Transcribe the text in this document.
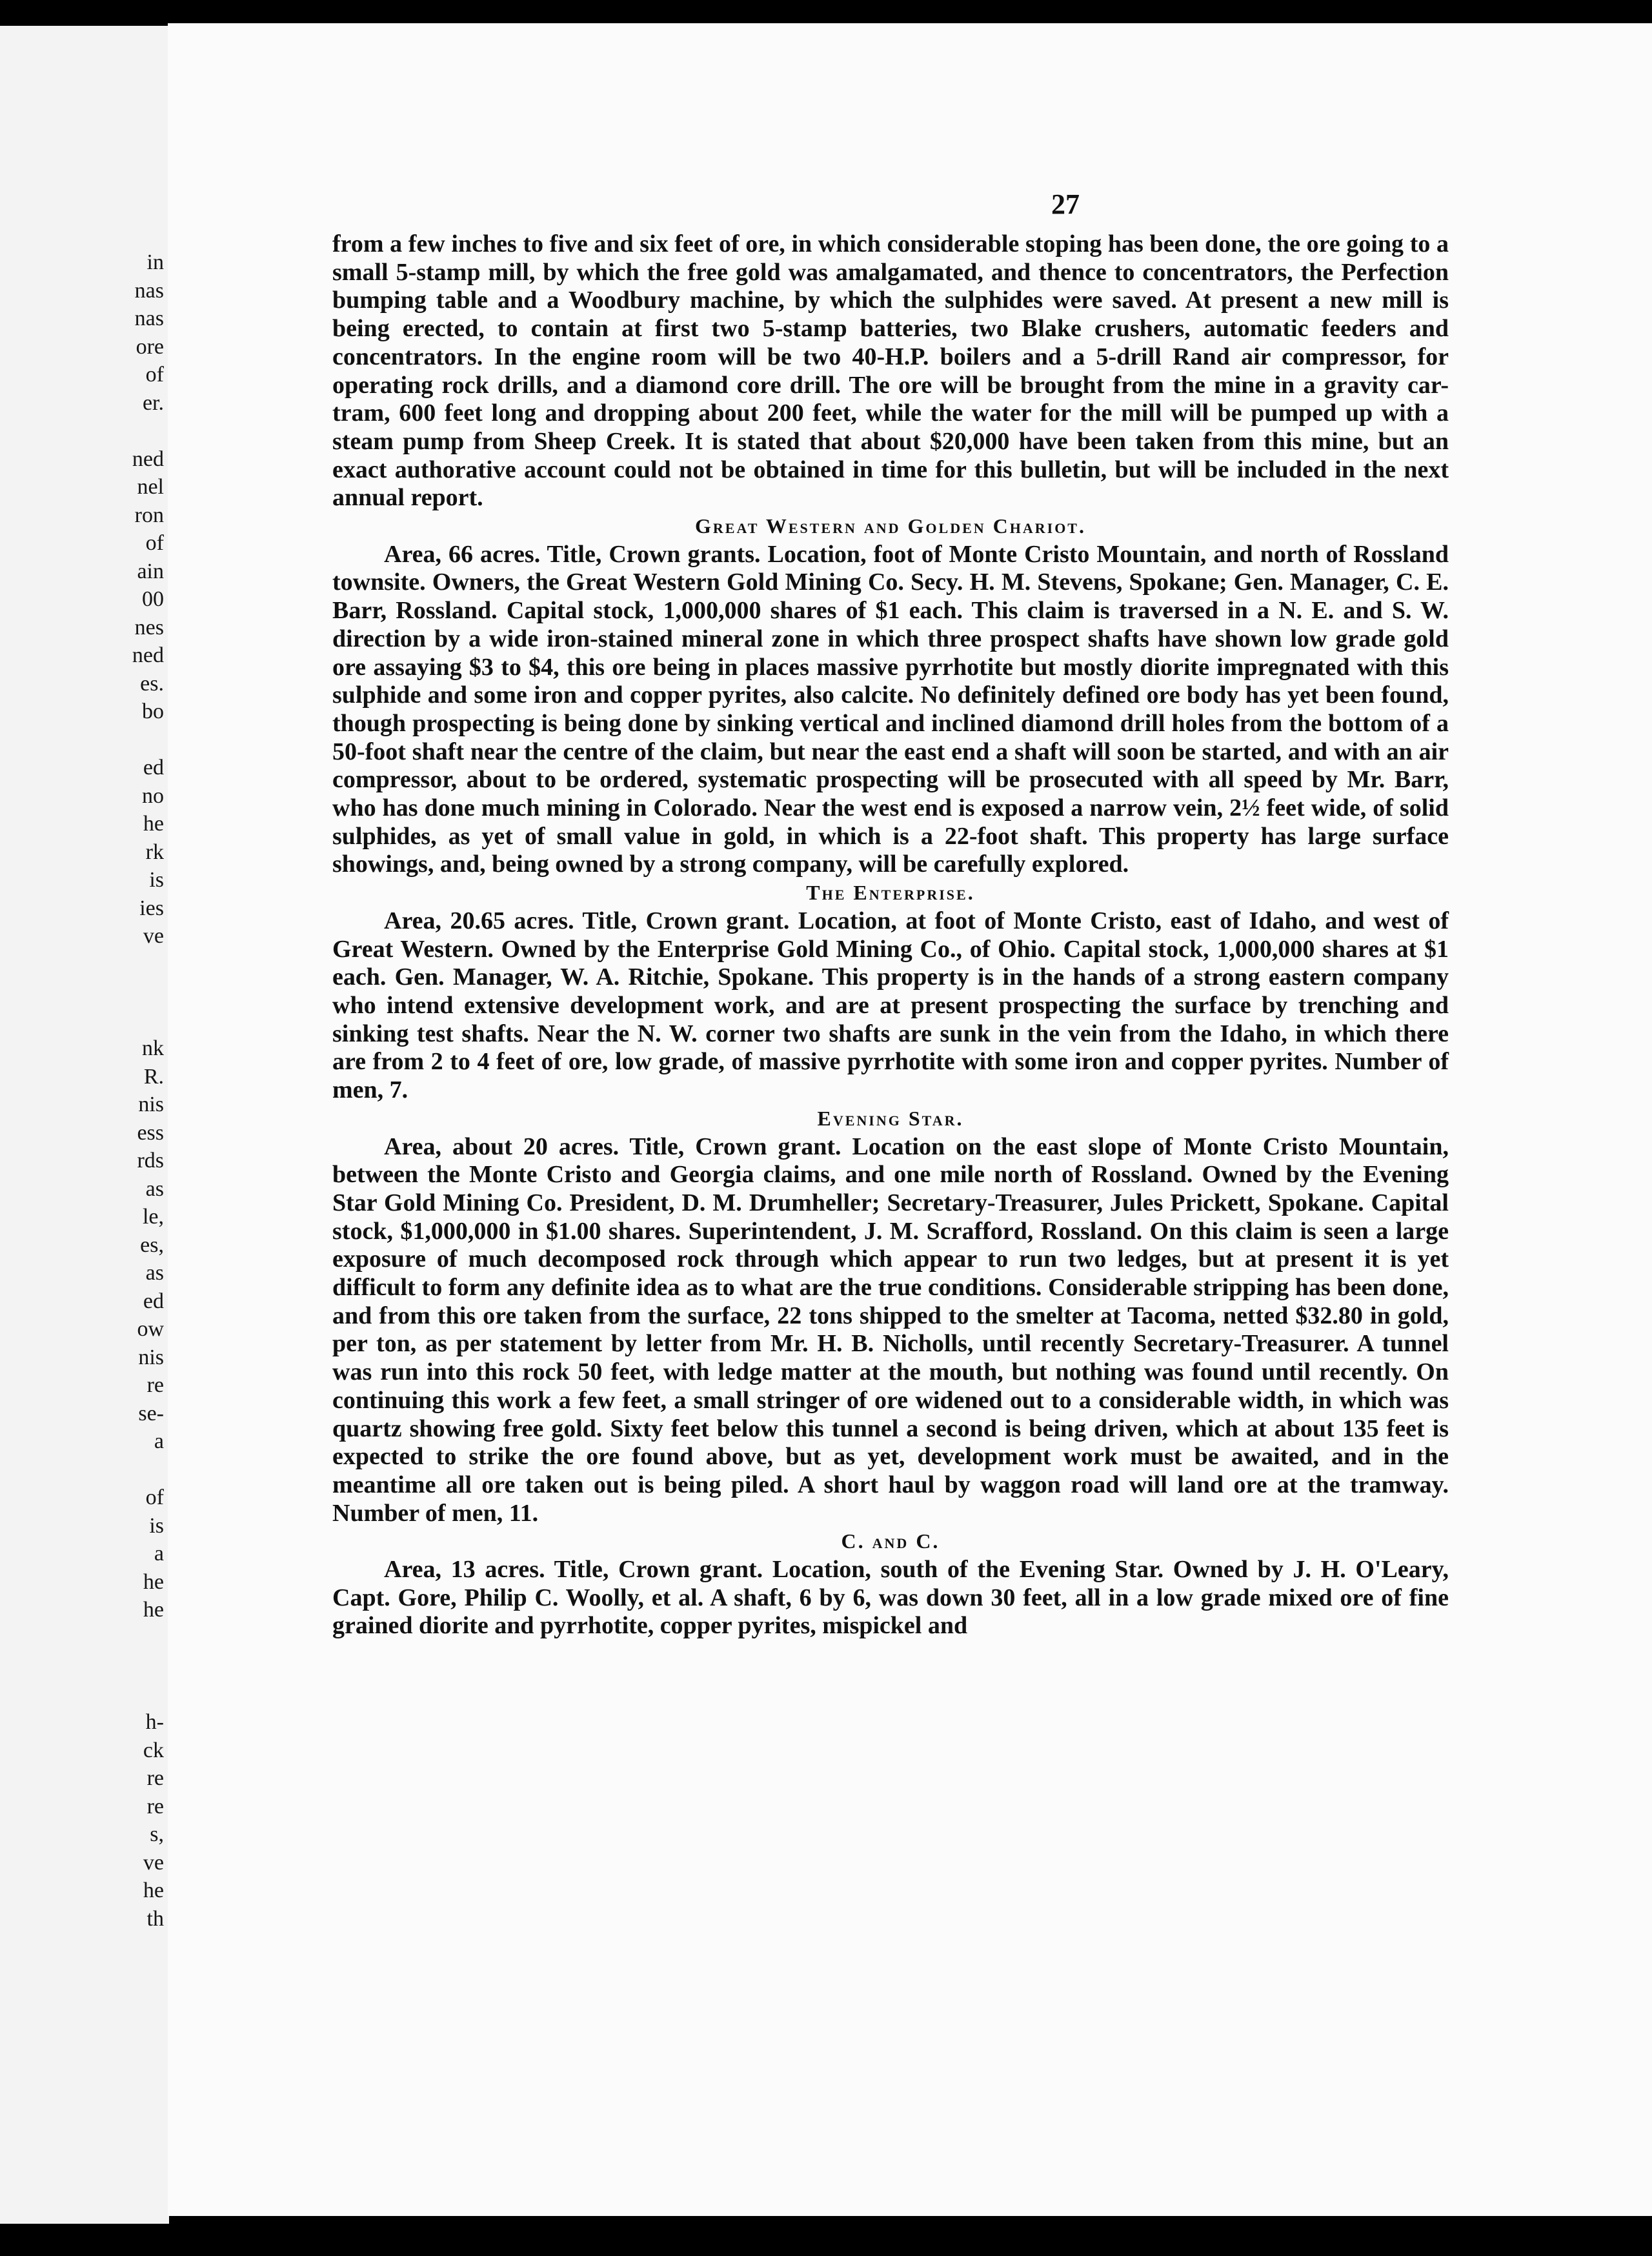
in
nas
nas
ore
of
er.
ned
nel
ron
of
ain
00
nes
ned
es.
bo
ed
no
he
rk
is
ies
ve
nk
R.
nis
ess
rds
as
le,
es,
as
ed
ow
nis
re
se-
a
of
is
a
he
he
h-
ck
re
re
s,
ve
he
th
27

from a few inches to five and six feet of ore, in which considerable stoping has been done, the ore going to a small 5-stamp mill, by which the free gold was amalgamated, and thence to concentrators, the Perfection bumping table and a Woodbury machine, by which the sulphides were saved. At present a new mill is being erected, to contain at first two 5-stamp batteries, two Blake crushers, automatic feeders and concentrators. In the engine room will be two 40-H.P. boilers and a 5-drill Rand air compressor, for operating rock drills, and a diamond core drill. The ore will be brought from the mine in a gravity car-tram, 600 feet long and dropping about 200 feet, while the water for the mill will be pumped up with a steam pump from Sheep Creek. It is stated that about $20,000 have been taken from this mine, but an exact authorative account could not be obtained in time for this bulletin, but will be included in the next annual report.

Great Western and Golden Chariot.

Area, 66 acres. Title, Crown grants. Location, foot of Monte Cristo Mountain, and north of Rossland townsite. Owners, the Great Western Gold Mining Co. Secy. H. M. Stevens, Spokane; Gen. Manager, C. E. Barr, Rossland. Capital stock, 1,000,000 shares of $1 each. This claim is traversed in a N. E. and S. W. direction by a wide iron-stained mineral zone in which three prospect shafts have shown low grade gold ore assaying $3 to $4, this ore being in places massive pyrrhotite but mostly diorite impregnated with this sulphide and some iron and copper pyrites, also calcite. No definitely defined ore body has yet been found, though prospecting is being done by sinking vertical and inclined diamond drill holes from the bottom of a 50-foot shaft near the centre of the claim, but near the east end a shaft will soon be started, and with an air compressor, about to be ordered, systematic prospecting will be prosecuted with all speed by Mr. Barr, who has done much mining in Colorado. Near the west end is exposed a narrow vein, 2½ feet wide, of solid sulphides, as yet of small value in gold, in which is a 22-foot shaft. This property has large surface showings, and, being owned by a strong company, will be carefully explored.

The Enterprise.

Area, 20.65 acres. Title, Crown grant. Location, at foot of Monte Cristo, east of Idaho, and west of Great Western. Owned by the Enterprise Gold Mining Co., of Ohio. Capital stock, 1,000,000 shares at $1 each. Gen. Manager, W. A. Ritchie, Spokane. This property is in the hands of a strong eastern company who intend extensive development work, and are at present prospecting the surface by trenching and sinking test shafts. Near the N. W. corner two shafts are sunk in the vein from the Idaho, in which there are from 2 to 4 feet of ore, low grade, of massive pyrrhotite with some iron and copper pyrites. Number of men, 7.

Evening Star.

Area, about 20 acres. Title, Crown grant. Location on the east slope of Monte Cristo Mountain, between the Monte Cristo and Georgia claims, and one mile north of Rossland. Owned by the Evening Star Gold Mining Co. President, D. M. Drumheller; Secretary-Treasurer, Jules Prickett, Spokane. Capital stock, $1,000,000 in $1.00 shares. Superintendent, J. M. Scrafford, Rossland. On this claim is seen a large exposure of much decomposed rock through which appear to run two ledges, but at present it is yet difficult to form any definite idea as to what are the true conditions. Considerable stripping has been done, and from this ore taken from the surface, 22 tons shipped to the smelter at Tacoma, netted $32.80 in gold, per ton, as per statement by letter from Mr. H. B. Nicholls, until recently Secretary-Treasurer. A tunnel was run into this rock 50 feet, with ledge matter at the mouth, but nothing was found until recently. On continuing this work a few feet, a small stringer of ore widened out to a considerable width, in which was quartz showing free gold. Sixty feet below this tunnel a second is being driven, which at about 135 feet is expected to strike the ore found above, but as yet, development work must be awaited, and in the meantime all ore taken out is being piled. A short haul by waggon road will land ore at the tramway. Number of men, 11.

C. and C.

Area, 13 acres. Title, Crown grant. Location, south of the Evening Star. Owned by J. H. O'Leary, Capt. Gore, Philip C. Woolly, et al. A shaft, 6 by 6, was down 30 feet, all in a low grade mixed ore of fine grained diorite and pyrrhotite, copper pyrites, mispickel and
